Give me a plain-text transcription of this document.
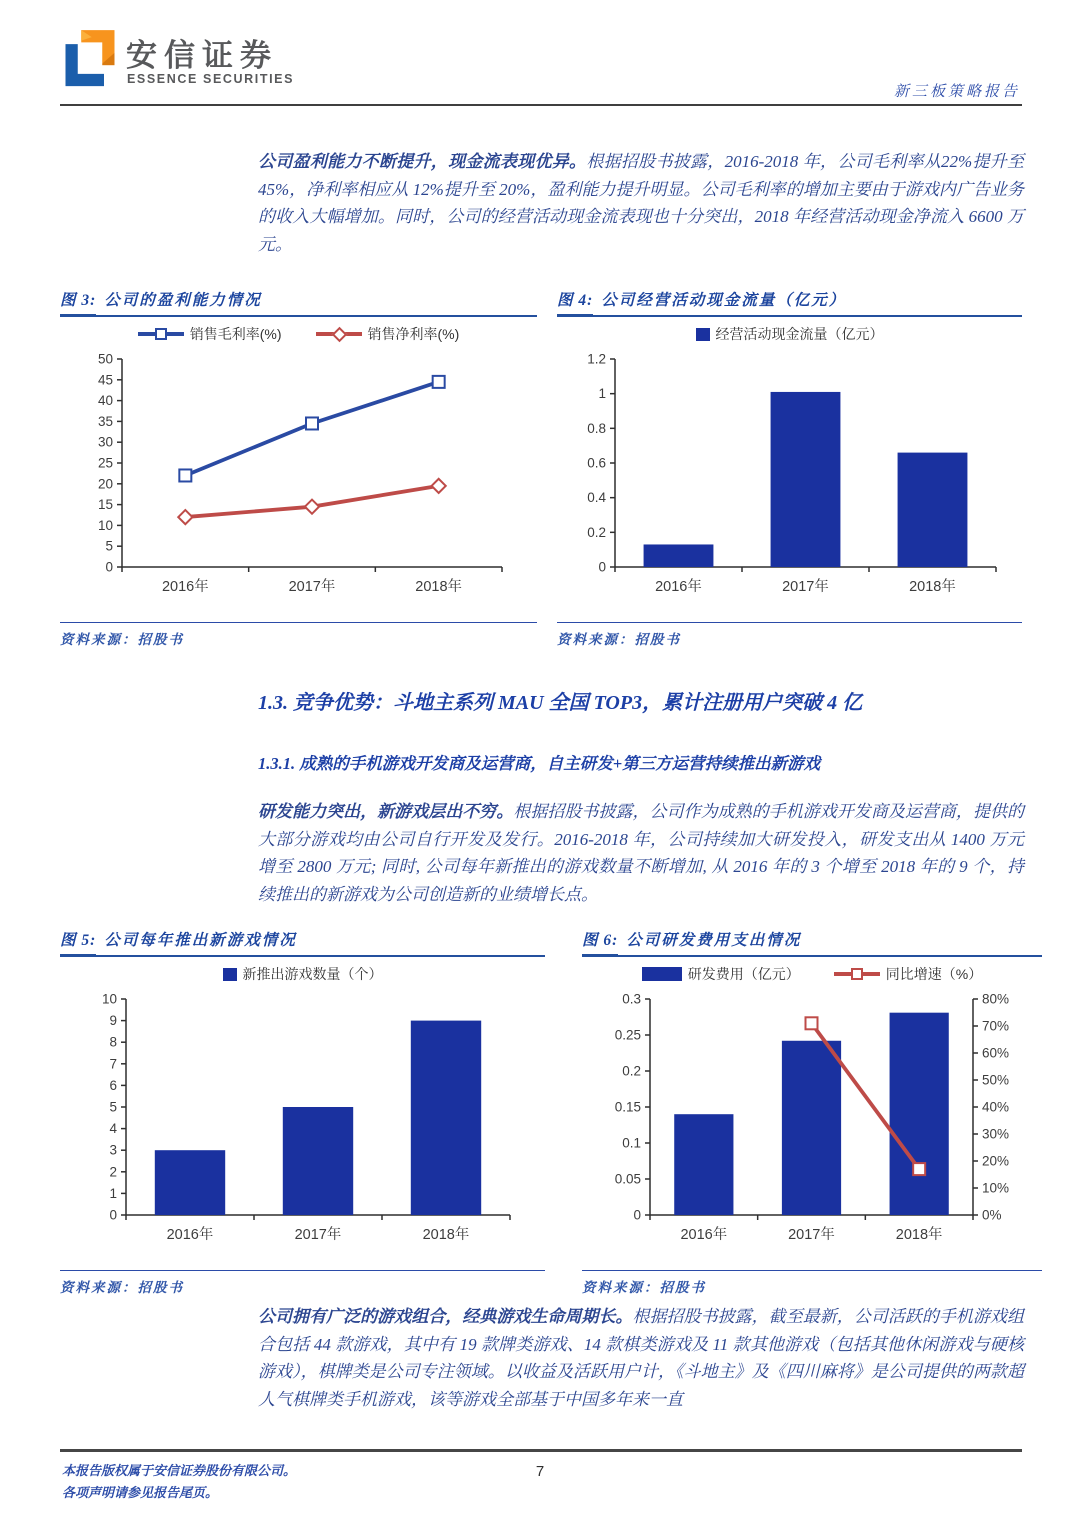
安信证券
ESSENCE SECURITIES
新三板策略报告
公司盈利能力不断提升，现金流表现优异。根据招股书披露，2016-2018 年，公司毛利率从22%提升至 45%，净利率相应从 12%提升至 20%，盈利能力提升明显。公司毛利率的增加主要由于游戏内广告业务的收入大幅增加。同时，公司的经营活动现金流表现也十分突出，2018 年经营活动现金净流入 6600 万元。
图 3: 公司的盈利能力情况
销售毛利率(%)	销售净利率(%)
0
5
10
15
20
25
30
35
40
45
50
2016年	2017年	2018年
资料来源：招股书
图 4: 公司经营活动现金流量（亿元）
经营活动现金流量（亿元）
0
0.2
0.4
0.6
0.8
1
1.2
2016年	2017年	2018年
资料来源：招股书
1.3. 竞争优势：斗地主系列 MAU 全国 TOP3，累计注册用户突破 4 亿
1.3.1. 成熟的手机游戏开发商及运营商，自主研发+第三方运营持续推出新游戏
研发能力突出，新游戏层出不穷。根据招股书披露，公司作为成熟的手机游戏开发商及运营商，提供的大部分游戏均由公司自行开发及发行。2016-2018 年，公司持续加大研发投入，研发支出从 1400 万元增至 2800 万元; 同时, 公司每年新推出的游戏数量不断增加, 从 2016 年的 3 个增至 2018 年的 9 个，持续推出的新游戏为公司创造新的业绩增长点。
图 5: 公司每年推出新游戏情况
新推出游戏数量（个）
0
1
2
3
4
5
6
7
8
9
10
2016年	2017年	2018年
资料来源：招股书
图 6: 公司研发费用支出情况
研发费用（亿元）	同比增速（%）
0
0.05
0.1
0.15
0.2
0.25
0.3
0%
10%
20%
30%
40%
50%
60%
70%
80%
2016年	2017年	2018年
资料来源：招股书
公司拥有广泛的游戏组合，经典游戏生命周期长。根据招股书披露，截至最新，公司活跃的手机游戏组合包括 44 款游戏，其中有 19 款牌类游戏、14 款棋类游戏及 11 款其他游戏（包括其他休闲游戏与硬核游戏），棋牌类是公司专注领域。以收益及活跃用户计，《斗地主》及《四川麻将》是公司提供的两款超人气棋牌类手机游戏，该等游戏全部基于中国多年来一直
本报告版权属于安信证券股份有限公司。
各项声明请参见报告尾页。
7
